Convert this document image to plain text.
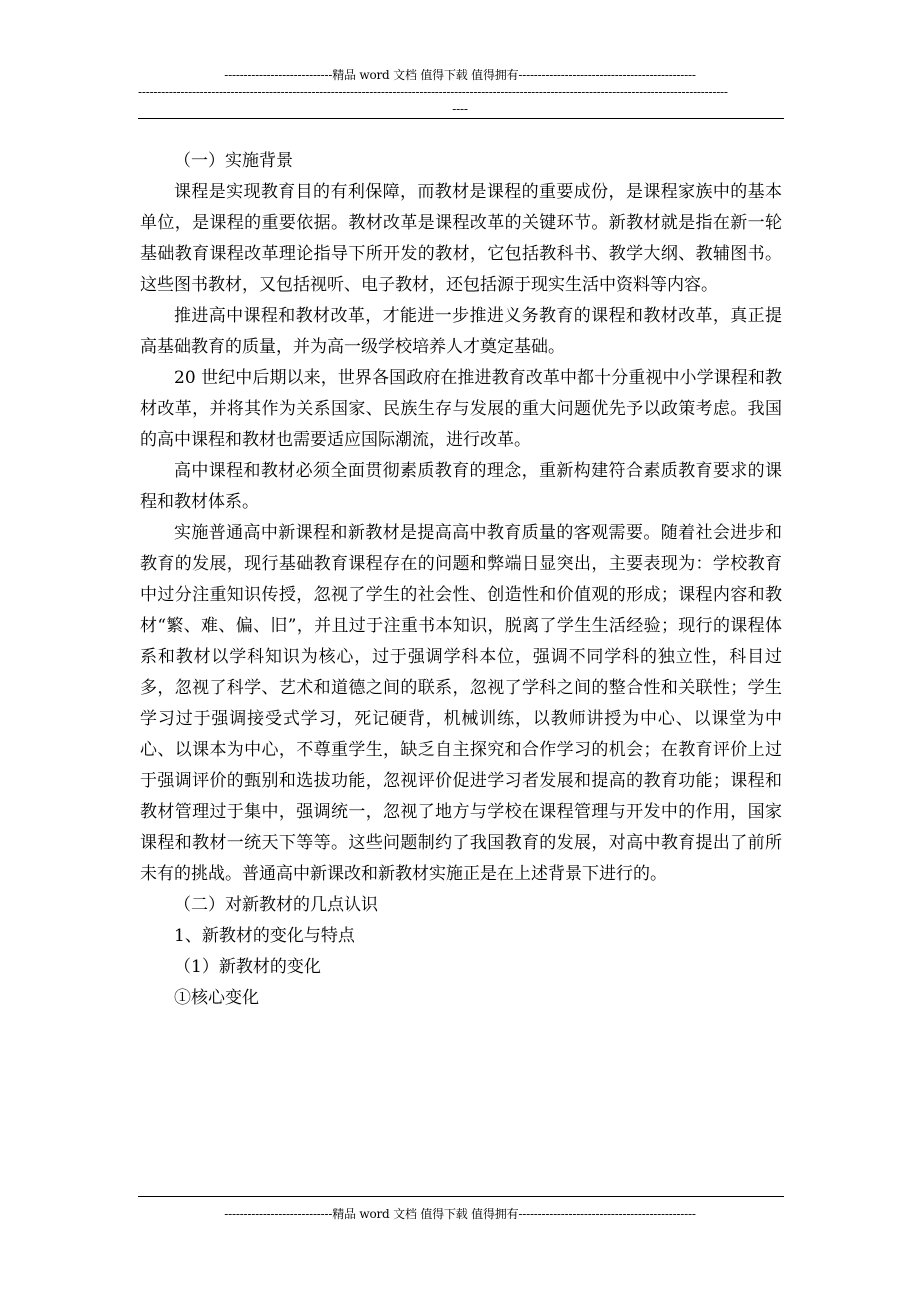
----------------------------精品 word 文档 值得下载 值得拥有----------------------------------------------
---------------------------------------------------------------------------------------------------------------------------------------------------------
----

（一）实施背景

课程是实现教育目的有利保障，而教材是课程的重要成份，是课程家族中的基本单位，是课程的重要依据。教材改革是课程改革的关键环节。新教材就是指在新一轮基础教育课程改革理论指导下所开发的教材，它包括教科书、教学大纲、教辅图书。这些图书教材，又包括视听、电子教材，还包括源于现实生活中资料等内容。

推进高中课程和教材改革，才能进一步推进义务教育的课程和教材改革，真正提高基础教育的质量，并为高一级学校培养人才奠定基础。

20 世纪中后期以来，世界各国政府在推进教育改革中都十分重视中小学课程和教材改革，并将其作为关系国家、民族生存与发展的重大问题优先予以政策考虑。我国的高中课程和教材也需要适应国际潮流，进行改革。

高中课程和教材必须全面贯彻素质教育的理念，重新构建符合素质教育要求的课程和教材体系。

实施普通高中新课程和新教材是提高高中教育质量的客观需要。随着社会进步和教育的发展，现行基础教育课程存在的问题和弊端日显突出，主要表现为：学校教育中过分注重知识传授，忽视了学生的社会性、创造性和价值观的形成；课程内容和教材“繁、难、偏、旧”，并且过于注重书本知识，脱离了学生生活经验；现行的课程体系和教材以学科知识为核心，过于强调学科本位，强调不同学科的独立性，科目过多，忽视了科学、艺术和道德之间的联系，忽视了学科之间的整合性和关联性；学生学习过于强调接受式学习，死记硬背，机械训练，以教师讲授为中心、以课堂为中心、以课本为中心，不尊重学生，缺乏自主探究和合作学习的机会；在教育评价上过于强调评价的甄别和选拔功能，忽视评价促进学习者发展和提高的教育功能；课程和教材管理过于集中，强调统一，忽视了地方与学校在课程管理与开发中的作用，国家课程和教材一统天下等等。这些问题制约了我国教育的发展，对高中教育提出了前所未有的挑战。普通高中新课改和新教材实施正是在上述背景下进行的。

（二）对新教材的几点认识

1、新教材的变化与特点

（1）新教材的变化

①核心变化

----------------------------精品 word 文档 值得下载 值得拥有----------------------------------------------
